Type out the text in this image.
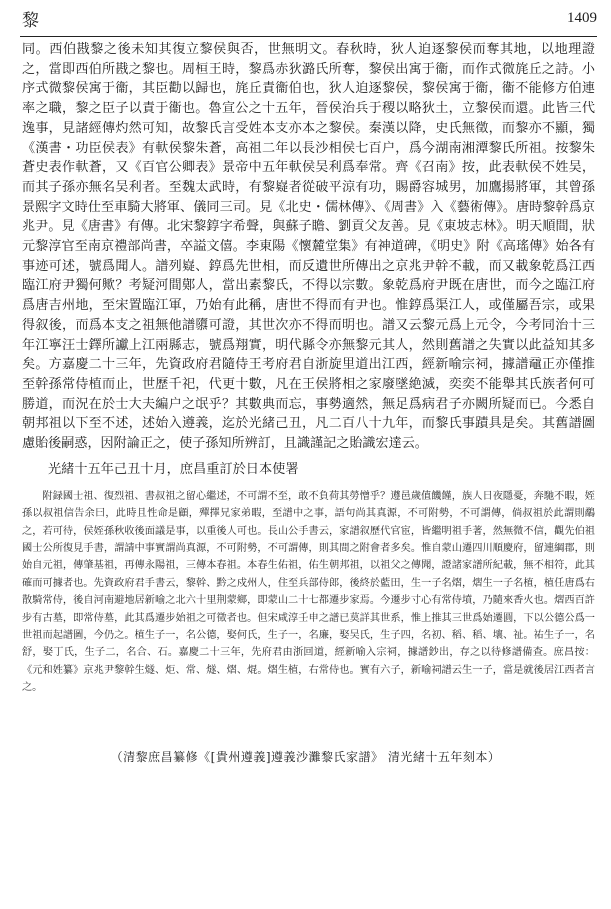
黎	1409

同。西伯戡黎之後未知其復立黎侯與否，世無明文。春秋時，狄人迫逐黎侯而奪其地，以地理證之，當即西伯所戡之黎也。周桓王時，黎爲赤狄潞氏所奪，黎侯出寓于衞，而作式微旄丘之詩。小序式微黎侯寓于衞，其臣勸以歸也，旄丘責衞伯也，狄人迫逐黎侯，黎侯寓于衞，衞不能修方伯連率之職，黎之臣子以責于衞也。魯宣公之十五年，晉侯治兵于稷以略狄土，立黎侯而還。此皆三代逸事，見諸經傳灼然可知，故黎氏言受姓本支亦本之黎侯。秦漢以降，史氏無徵，而黎亦不顯，獨《漢書・功臣侯表》有軑侯黎朱蒼，高祖二年以長沙相侯七百户，爲今湖南湘潭黎氏所祖。按黎朱蒼史表作軑蒼，又《百官公卿表》景帝中五年軑侯吴利爲奉常。齊《召南》按，此表軑侯不姓吴，而其子孫亦無名吴利者。至魏太武時，有黎嶷者從破平涼有功，賜爵容城男，加鷹揚將軍，其曾孫景熙字文時仕至車騎大將軍、儀同三司。見《北史・儒林傳》、《周書》入《藝術傳》。唐時黎幹爲京兆尹。見《唐書》有傳。北宋黎錞字希聲，與蘇子瞻、劉貢父友善。見《東坡志林》。明天順間，狀元黎淳官至南京禮部尚書，卒謚文僖。李東陽《懷麓堂集》有神道碑，《明史》附《高瑤傳》始各有事迹可述，號爲聞人。譜列嶷、錞爲先世相，而反遺世所傳出之京兆尹幹不載，而又載象乾爲江西臨江府尹獨何歟？考疑河間鄚人，當出素黎氏，不得以宗數。象乾爲府尹既在唐世，而今之臨江府爲唐吉州地，至宋置臨江軍，乃始有此稱，唐世不得而有尹也。惟錞爲渠江人，或僅屬吾宗，或果得叙後，而爲本支之祖無他譜隳可證，其世次亦不得而明也。譜又云黎元爲上元令，今考同治十三年江寧汪士鐸所讞上江兩縣志，號爲翔實，明代縣令亦無黎元其人，然則舊譜之失實以此益知其多矣。方嘉慶二十三年，先資政府君隨侍王考府君自浙旋里道出江西，經新喻宗祠，據譜黿正亦僅推至幹孫常侍植而止，世歷千祀，代更十數，凡在王侯將相之家廢墜絶滅，奕奕不能舉其氏族者何可勝道，而況在於士大夫編户之氓乎？其數典而忘，事勢適然，無足爲病君子亦闕所疑而已。今悉自朝邦祖以下至不述，述始入遵義，迄於光緒己丑，凡二百八十九年，而黎氏事蹟具是矣。其舊譜圖慮貽後嗣惑，因附論正之，使子孫知所辨訂，且識謹記之貽識宏達云。

光緒十五年己丑十月，庶昌重訂於日本使署

附録國士祖、復烈祖、書叔祖之留心繼述，不可謂不至，敢不負荷其勞憎乎？遵邑歲值饑饉，族人日夜隱憂，奔馳不暇，姪孫以叔祖信告余曰，此時且性命是顧，殫擇兄家弟暇，至譜中之事，語句尚其真源，不可附勢，不可謂傳，倘叔祖於此謂則鷸之，若可待，侯姪孫秋收後面議是事，以重後人可也。長山公手書云，家譜叙歷代官宦，皆繼明祖手著，然無微不信，觀先伯祖國士公所復見手書，謂請中事實謂尚真源，不可附勢，不可謂傳，則其間之附會者多矣。惟自蒙山遷四川順慶府，留連綱郡，則始自元祖，傳肇基祖，再傳永陽祖，三傳本春祖。本春生佑祖，佑生朝邦祖，以祖父之傳聞，證諸家譜所紀載，無不相符，此其確而可據者也。先資政府君手書云，黎幹、黔之戍州人，住至兵部侍郎，後終於藍田，生一子名熠，熠生一子名植，植任唐爲右散騎常侍，後自河南避地居新喻之北六十里荆蒙鄉，即蒙山二十七都遷步家焉。今遷步寸心有常侍墳，乃隨來香火也。熠西百許步有古墓，即常侍墓，此其爲遷步始祖之可徵者也。但宋咸淳壬申之譜已莫詳其世系，惟上推其三世爲始遷圓，下以公德公爲一世祖而起譜圖，今仍之。植生子一，名公德，娶何氏，生子一，名廉，娶吴氏，生子四，名初、稻、稻、壤、祉。祐生子一，名舒，娶丁氏，生子二，名合、石。嘉慶二十三年，先府君由浙回道，經新喻入宗祠，據譜鈔出，存之以待修譜備查。庶昌按：《元和姓纂》京兆尹黎幹生燧、炬、常、燧、熠、焜。熠生植，右常侍也。實有六子，新喻祠譜云生一子，當是就後居江西者言之。

（清黎庶昌纂修《[貴州遵義]遵義沙灘黎氏家譜》 清光緒十五年刻本）
